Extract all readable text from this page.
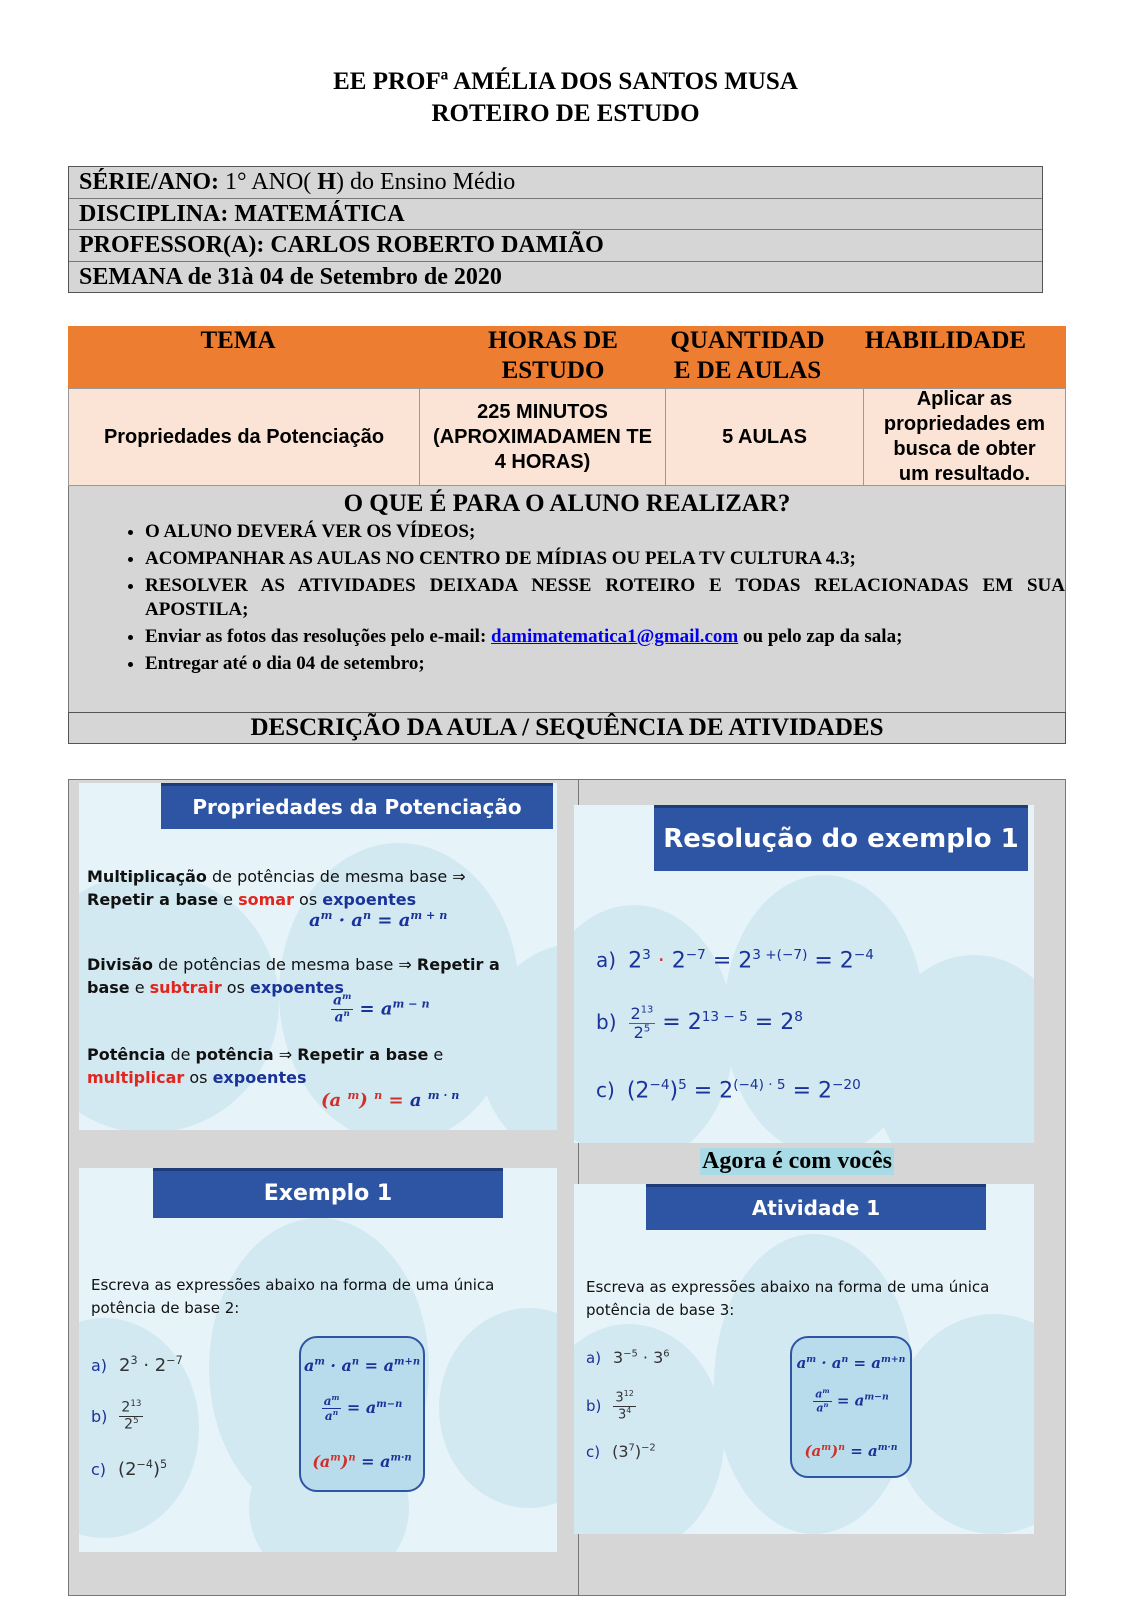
EE PROFª AMÉLIA DOS SANTOS MUSA
ROTEIRO DE ESTUDO
SÉRIE/ANO: 1° ANO( H) do Ensino Médio
DISCIPLINA: MATEMÁTICA
PROFESSOR(A): CARLOS ROBERTO DAMIÃO
SEMANA de 31à 04 de Setembro de 2020
TEMA	HORAS DE ESTUDO
QUANTIDAD E DE AULAS
HABILIDADE
Propriedades da Potenciação
225 MINUTOS (APROXIMADAMEN TE 4 HORAS)
5 AULAS
Aplicar as propriedades em busca de obter um resultado.
O QUE É PARA O ALUNO REALIZAR?
• O ALUNO DEVERÁ VER OS VÍDEOS;
• ACOMPANHAR AS AULAS NO CENTRO DE MÍDIAS OU PELA TV CULTURA 4.3;
• RESOLVER AS ATIVIDADES DEIXADA NESSE ROTEIRO E TODAS RELACIONADAS EM SUA APOSTILA;
• Enviar as fotos das resoluções pelo e-mail: damimatematica1@gmail.com ou pelo zap da sala;
• Entregar até o dia 04 de setembro;
DESCRIÇÃO DA AULA / SEQUÊNCIA DE ATIVIDADES
Propriedades da Potenciação
Multiplicação de potências de mesma base ⇒ Repetir a base e somar os expoentes
$a^m \cdot a^n = a^{m + n}$
Divisão de potências de mesma base ⇒ Repetir a base e subtrair os expoentes
$\frac{a^m}{a^n} = a^{m - n}$
Potência de potência ⇒ Repetir a base e multiplicar os expoentes
(a $^m$) $^n$ = a $^{m \cdot n}$
Resolução do exemplo 1
a) $2^3 \cdot 2^{-7} = 2^{3 +(-7)} = 2^{-4}$
$b) \frac{2^{13}}{2^5} = 2^{13 - 5} = 2^8$
c) $(2^{-4})^5 = 2^{(-4) \cdot 5} = 2^{-20}$
Exemplo 1
Escreva as expressões abaixo na forma de uma única potência de base 2:
a) $2^3 \cdot 2^{-7}$
$b) \frac{2^{13}}{2^5}$
c) $(2^{-4})^5$
$a^m \cdot a^n = a^{m+n}$
$\frac{a^m}{a^n} = a^{m-n}$
$(a^m)^n = a^{m\cdot n}$
Atividade 1
Escreva as expressões abaixo na forma de uma única potência de base 3:
a) $3^{-5} \cdot 3^6$
$b) \frac{3^{12}}{3^4}$
c) $(3^7)^{-2}$
$a^m \cdot a^n = a^{m+n}$
$\frac{a^m}{a^n} = a^{m-n}$
$(a^m)^n = a^{m\cdot n}$
Agora é com vocês
